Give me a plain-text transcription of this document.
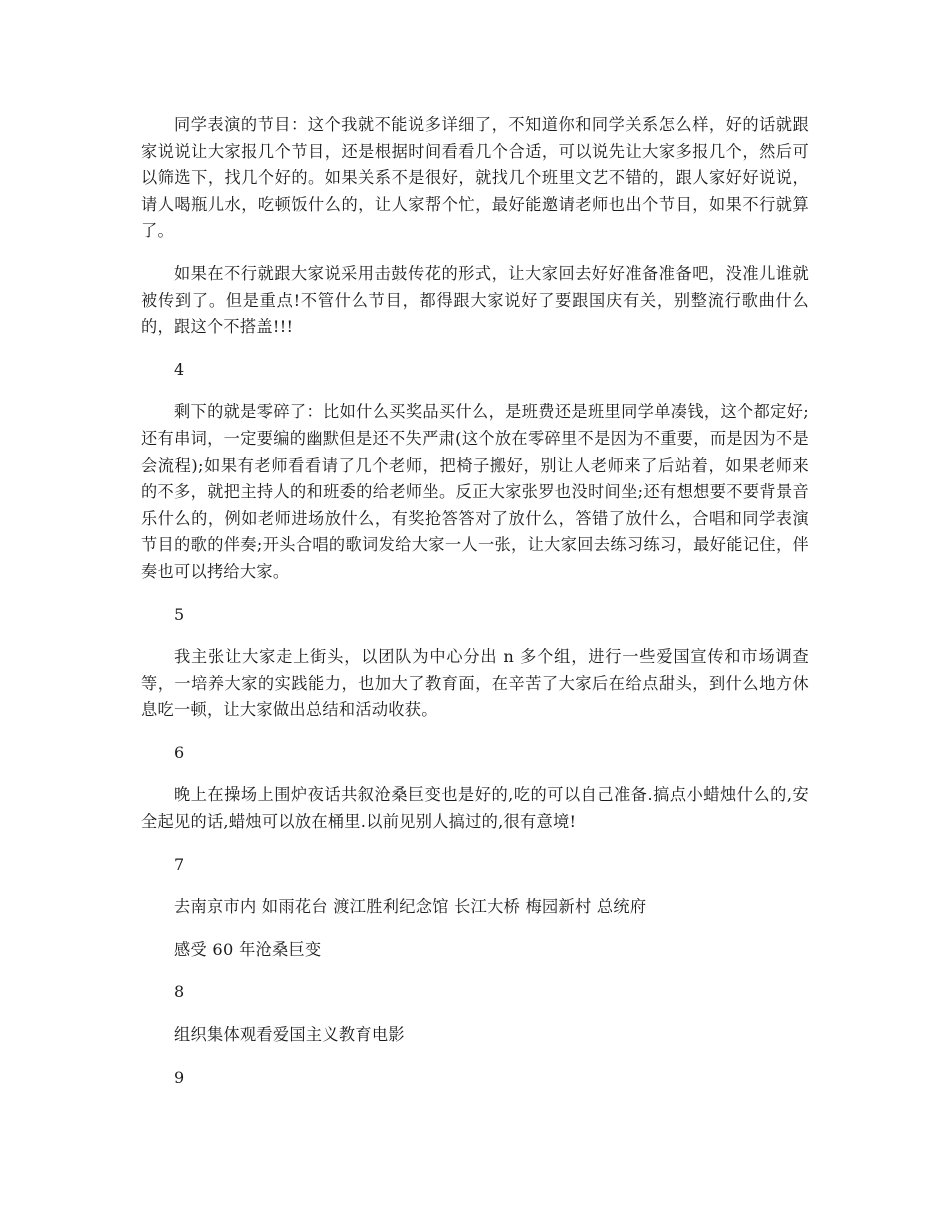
同学表演的节目：这个我就不能说多详细了，不知道你和同学关系怎么样，好的话就跟家说说让大家报几个节目，还是根据时间看看几个合适，可以说先让大家多报几个，然后可以筛选下，找几个好的。如果关系不是很好，就找几个班里文艺不错的，跟人家好好说说，请人喝瓶儿水，吃顿饭什么的，让人家帮个忙，最好能邀请老师也出个节目，如果不行就算了。

如果在不行就跟大家说采用击鼓传花的形式，让大家回去好好准备准备吧，没准儿谁就被传到了。但是重点!不管什么节目，都得跟大家说好了要跟国庆有关，别整流行歌曲什么的，跟这个不搭盖!!!

4

剩下的就是零碎了：比如什么买奖品买什么，是班费还是班里同学单凑钱，这个都定好;还有串词，一定要编的幽默但是还不失严肃(这个放在零碎里不是因为不重要，而是因为不是会流程);如果有老师看看请了几个老师，把椅子搬好，别让人老师来了后站着，如果老师来的不多，就把主持人的和班委的给老师坐。反正大家张罗也没时间坐;还有想想要不要背景音乐什么的，例如老师进场放什么，有奖抢答答对了放什么，答错了放什么，合唱和同学表演节目的歌的伴奏;开头合唱的歌词发给大家一人一张，让大家回去练习练习，最好能记住，伴奏也可以拷给大家。

5

我主张让大家走上街头，以团队为中心分出 n 多个组，进行一些爱国宣传和市场调查等，一培养大家的实践能力，也加大了教育面，在辛苦了大家后在给点甜头，到什么地方休息吃一顿，让大家做出总结和活动收获。

6

晚上在操场上围炉夜话共叙沧桑巨变也是好的,吃的可以自己准备.搞点小蜡烛什么的,安全起见的话,蜡烛可以放在桶里.以前见别人搞过的,很有意境!

7

去南京市内 如雨花台 渡江胜利纪念馆 长江大桥 梅园新村 总统府

感受 60 年沧桑巨变

8

组织集体观看爱国主义教育电影

9
